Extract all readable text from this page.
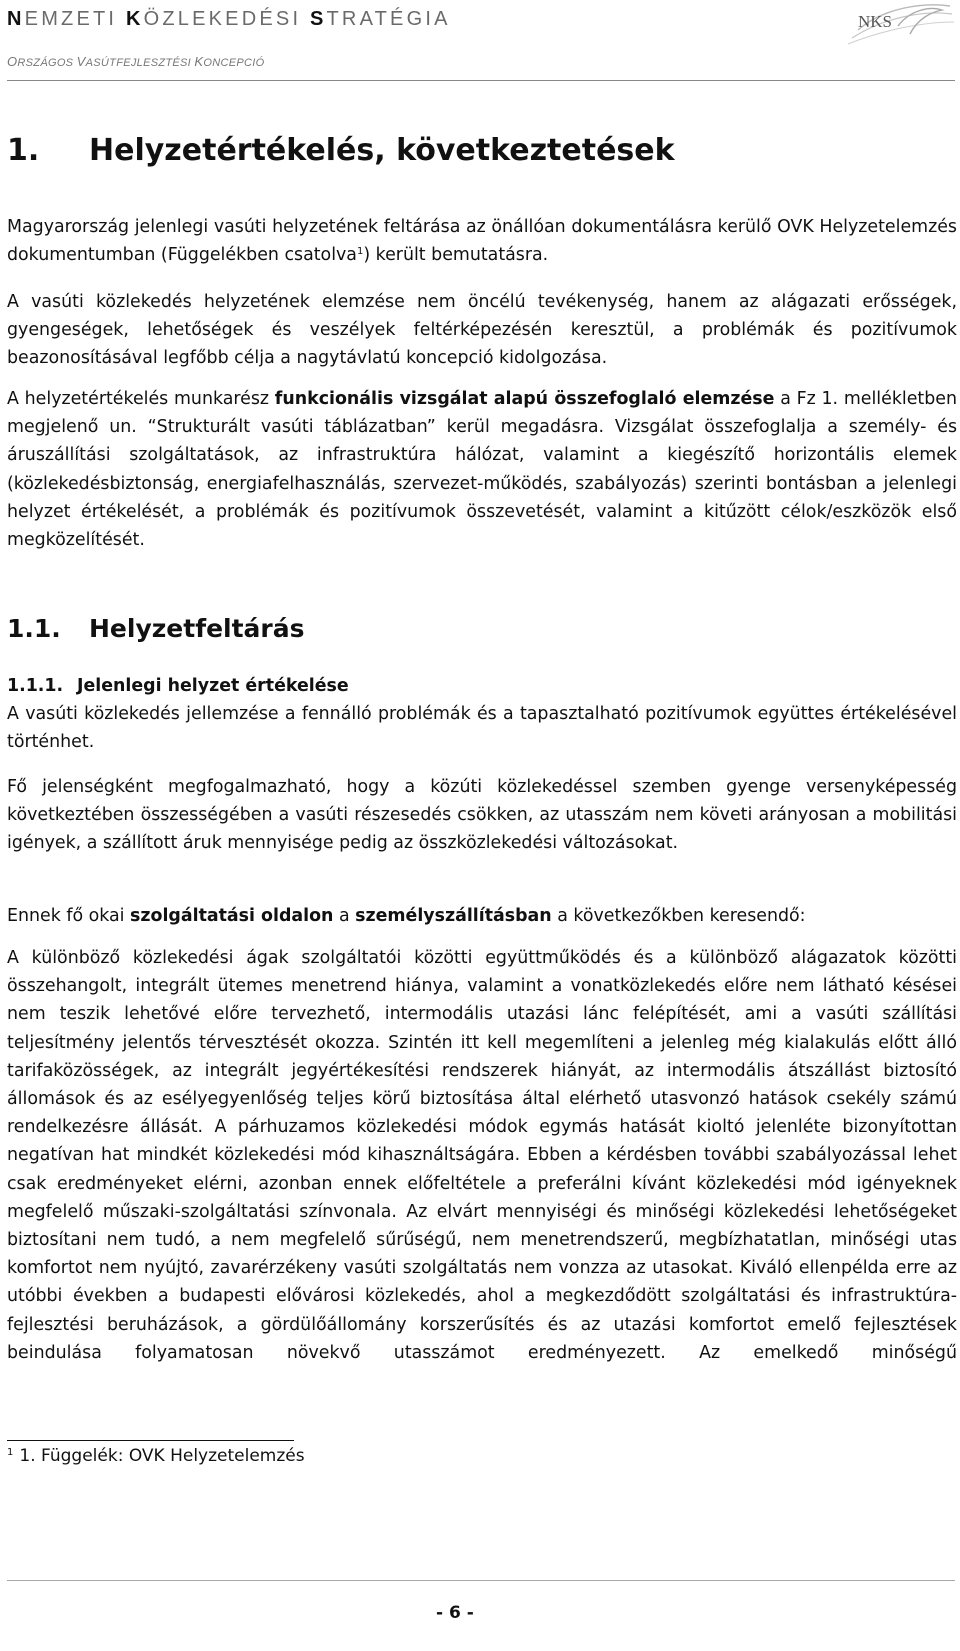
NEMZETI KÖZLEKEDÉSI STRATÉGIA
ORSZÁGOS VASÚTFEJLESZTÉSI KONCEPCIÓ
NKS
1. Helyzetértékelés, következtetések

Magyarország jelenlegi vasúti helyzetének feltárása az önállóan dokumentálásra kerülő OVK Helyzetelemzés dokumentumban (Függelékben csatolva$^1$) került bemutatásra.

A vasúti közlekedés helyzetének elemzése nem öncélú tevékenység, hanem az alágazati erősségek, gyengeségek, lehetőségek és veszélyek feltérképezésén keresztül, a problémák és pozitívumok beazonosításával legfőbb célja a nagytávlatú koncepció kidolgozása.

A helyzetértékelés munkarész funkcionális vizsgálat alapú összefoglaló elemzése a Fz 1. mellékletben megjelenő un. “Strukturált vasúti táblázatban” kerül megadásra. Vizsgálat összefoglalja a személy- és áruszállítási szolgáltatások, az infrastruktúra hálózat, valamint a kiegészítő horizontális elemek (közlekedésbiztonság, energiafelhasználás, szervezet-működés, szabályozás) szerinti bontásban a jelenlegi helyzet értékelését, a problémák és pozitívumok összevetését, valamint a kitűzött célok/eszközök első megközelítését.

1.1. Helyzetfeltárás
1.1.1. Jelenlegi helyzet értékelése

A vasúti közlekedés jellemzése a fennálló problémák és a tapasztalható pozitívumok együttes értékelésével történhet.

Fő jelenségként megfogalmazható, hogy a közúti közlekedéssel szemben gyenge versenyképesség következtében összességében a vasúti részesedés csökken, az utasszám nem követi arányosan a mobilitási igények, a szállított áruk mennyisége pedig az összközlekedési változásokat.

Ennek fő okai szolgáltatási oldalon a személyszállításban a következőkben keresendő:

A különböző közlekedési ágak szolgáltatói közötti együttműködés és a különböző alágazatok közötti összehangolt, integrált ütemes menetrend hiánya, valamint a vonatközlekedés előre nem látható késései nem teszik lehetővé előre tervezhető, intermodális utazási lánc felépítését, ami a vasúti szállítási teljesítmény jelentős térvesztését okozza. Szintén itt kell megemlíteni a jelenleg még kialakulás előtt álló tarifaközösségek, az integrált jegyértékesítési rendszerek hiányát, az intermodális átszállást biztosító állomások és az esélyegyenlőség teljes körű biztosítása által elérhető utasvonzó hatások csekély számú rendelkezésre állását. A párhuzamos közlekedési módok egymás hatását kioltó jelenléte bizonyítottan negatívan hat mindkét közlekedési mód kihasználtságára. Ebben a kérdésben további szabályozással lehet csak eredményeket elérni, azonban ennek előfeltétele a preferálni kívánt közlekedési mód igényeknek megfelelő műszaki-szolgáltatási színvonala. Az elvárt mennyiségi és minőségi közlekedési lehetőségeket biztosítani nem tudó, a nem megfelelő sűrűségű, nem menetrendszerű, megbízhatatlan, minőségi utas komfortot nem nyújtó, zavarérzékeny vasúti szolgáltatás nem vonzza az utasokat. Kiváló ellenpélda erre az utóbbi években a budapesti elővárosi közlekedés, ahol a megkezdődött szolgáltatási és infrastruktúra-fejlesztési beruházások, a gördülőállomány korszerűsítés és az utazási komfortot emelő fejlesztések beindulása folyamatosan növekvő utasszámot eredményezett. Az emelkedő minőségű

$^1$ 1. Függelék: OVK Helyzetelemzés
- 6 -
